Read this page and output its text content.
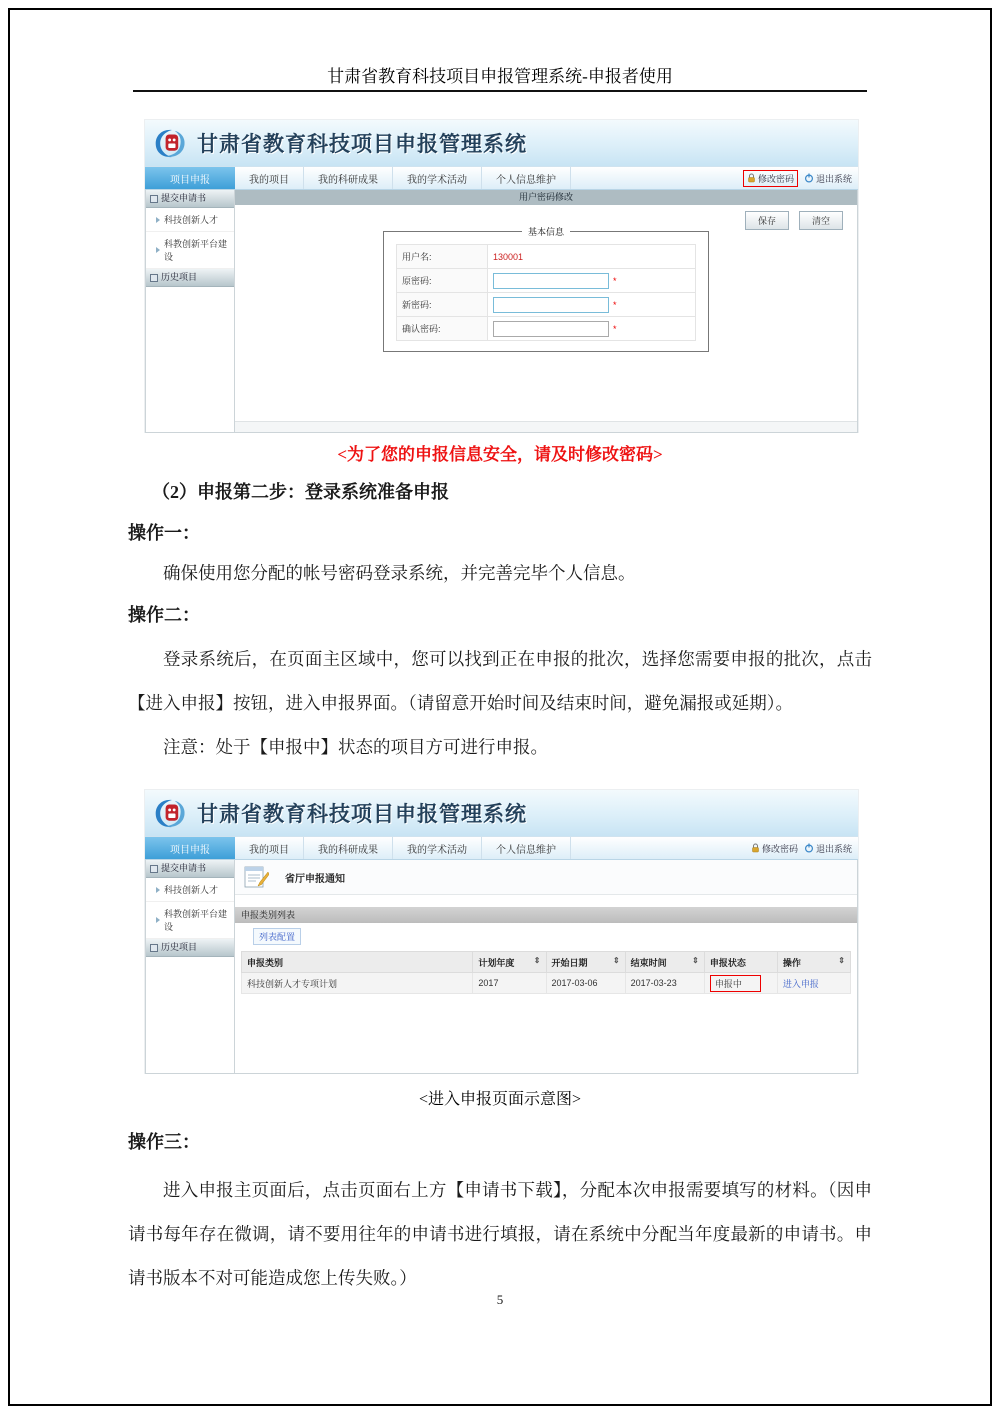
甘肃省教育科技项目申报管理系统-申报者使用
甘肃省教育科技项目申报管理系统
项目申报	我的项目	我的科研成果	我的学术活动	个人信息维护	修改密码 退出系统
提交申请书
科技创新人才
科教创新平台建设
历史项目
用户密码修改
保存	清空
基本信息
用户名:	130001
原密码:	*
新密码:	*
确认密码:	*
<为了您的申报信息安全，请及时修改密码>
（2）申报第二步：登录系统准备申报
操作一：
确保使用您分配的帐号密码登录系统，并完善完毕个人信息。
操作二：

登录系统后，在页面主区域中，您可以找到正在申报的批次，选择您需要申报的批次，点击【进入申报】按钮，进入申报界面。（请留意开始时间及结束时间，避免漏报或延期）。

注意：处于【申报中】状态的项目方可进行申报。

甘肃省教育科技项目申报管理系统
项目申报	我的项目	我的科研成果	我的学术活动	个人信息维护	修改密码 退出系统
提交申请书
科技创新人才
科教创新平台建设
历史项目
省厅申报通知
申报类别列表
列表配置
申报类别	计划年度 ⇕	开始日期 ⇕	结束时间 ⇕	申报状态	操作 ⇕

科技创新人才专项计划	2017	2017-03-06	2017-03-23	申报中	进入申报
<进入申报页面示意图>
操作三：

进入申报主页面后，点击页面右上方【申请书下载】，分配本次申报需要填写的材料。（因申请书每年存在微调，请不要用往年的申请书进行填报，请在系统中分配当年度最新的申请书。申请书版本不对可能造成您上传失败。）

5
